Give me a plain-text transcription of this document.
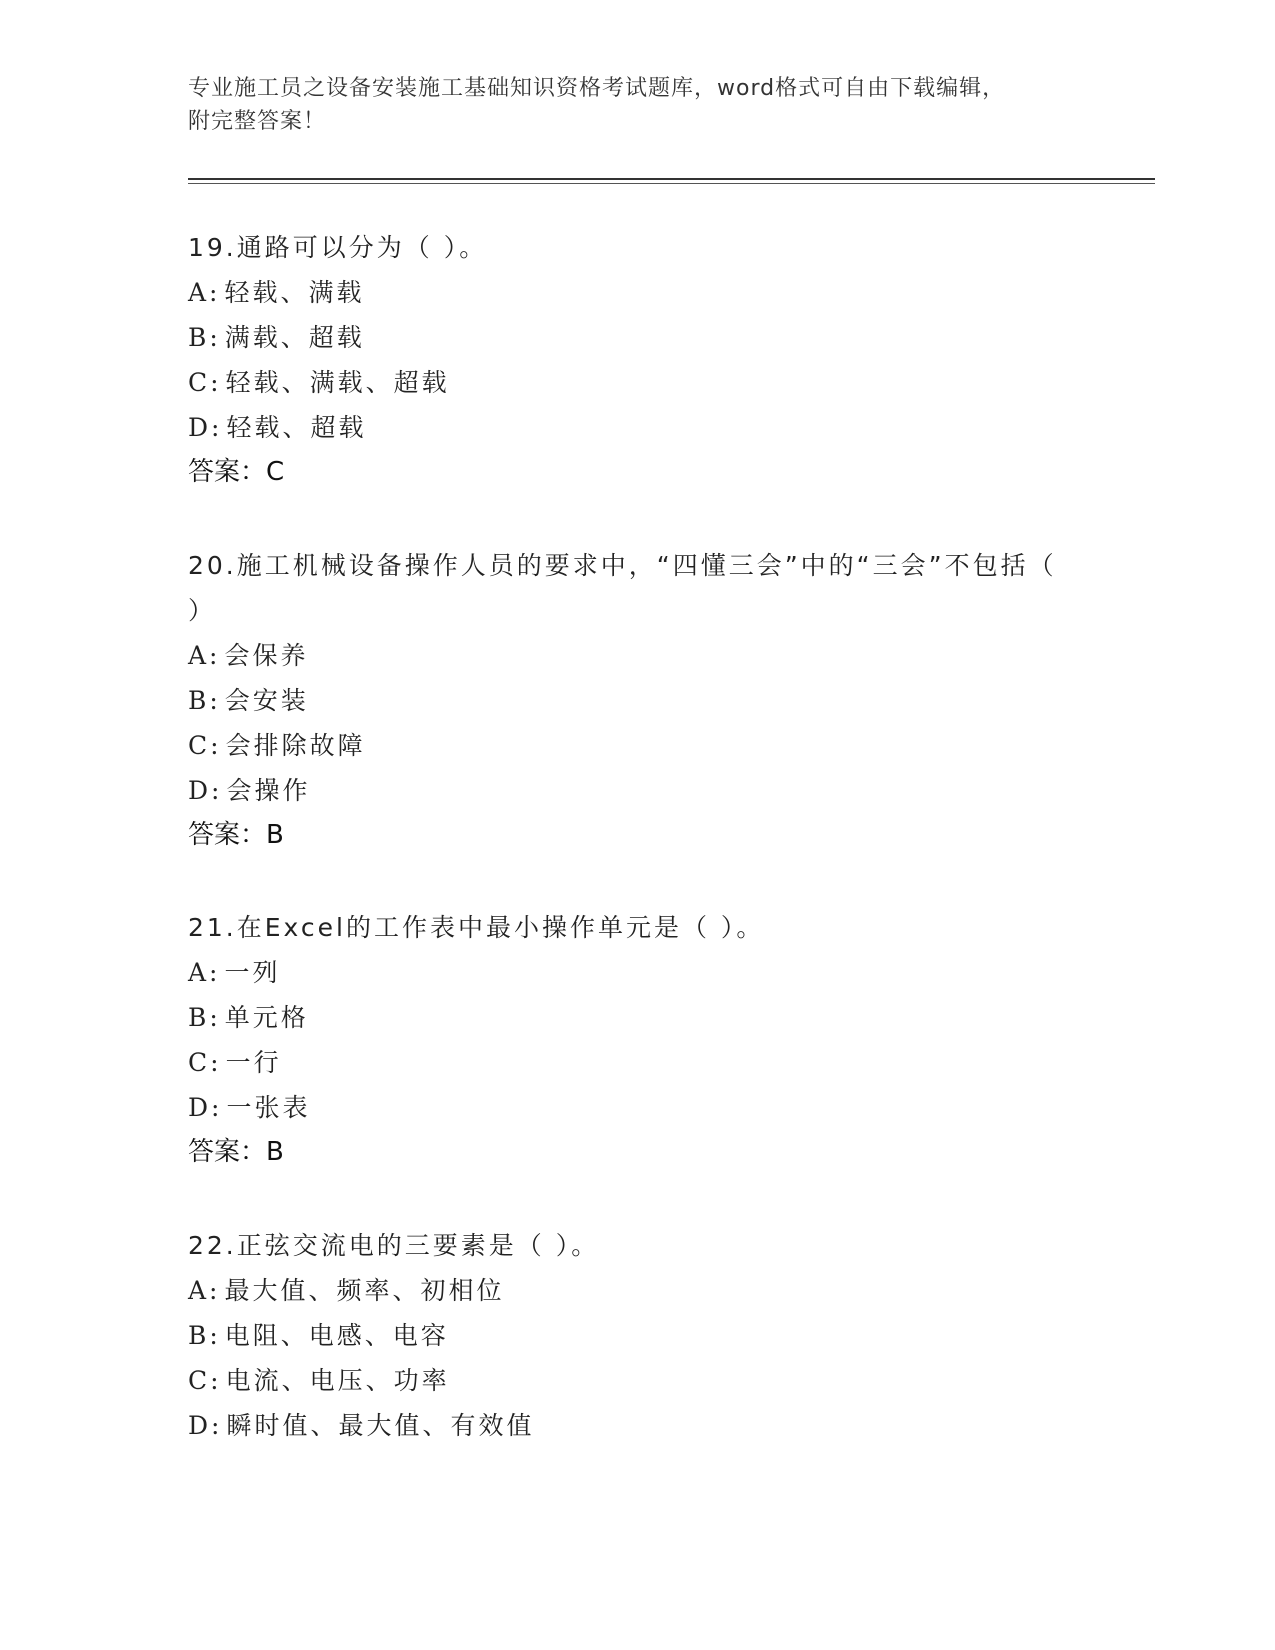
专业施工员之设备安装施工基础知识资格考试题库，word格式可自由下载编辑，
附完整答案！
19.通路可以分为（ ）。
A: 轻载、满载
B: 满载、超载
C: 轻载、满载、超载
D: 轻载、超载
答案：C
20.施工机械设备操作人员的要求中，“四懂三会”中的“三会”不包括（ ）
A: 会保养
B: 会安装
C: 会排除故障
D: 会操作
答案：B
21.在Excel的工作表中最小操作单元是（ ）。
A: 一列
B: 单元格
C: 一行
D: 一张表
答案：B
22.正弦交流电的三要素是（ ）。
A: 最大值、频率、初相位
B: 电阻、电感、电容
C: 电流、电压、功率
D: 瞬时值、最大值、有效值
